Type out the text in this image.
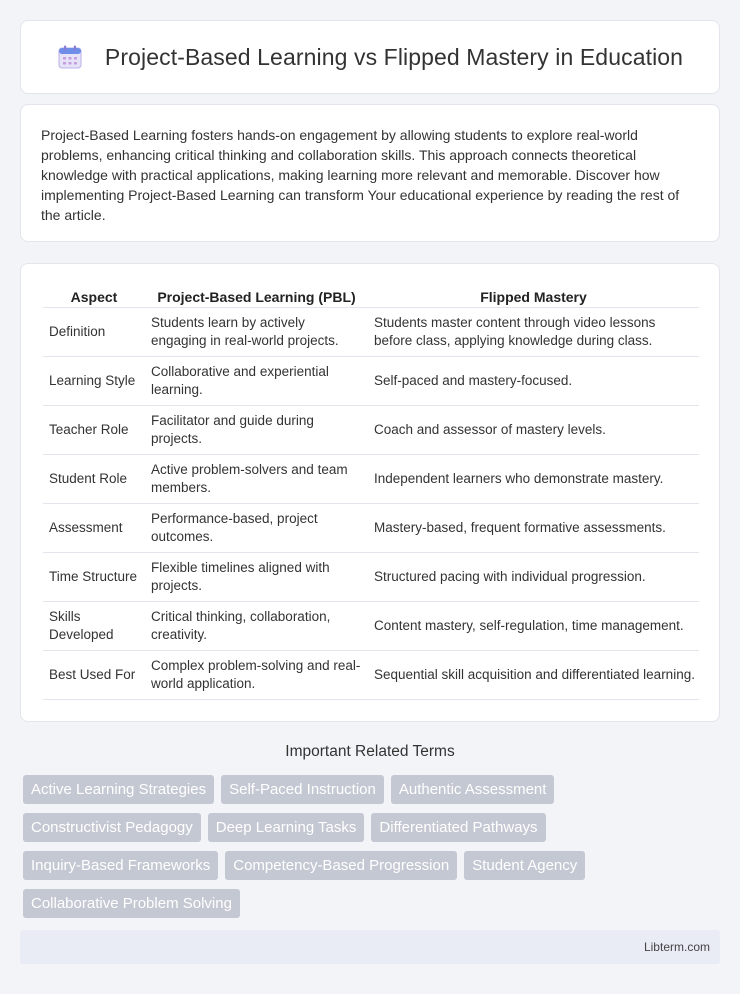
Project-Based Learning vs Flipped Mastery in Education

Project-Based Learning fosters hands-on engagement by allowing students to explore real-world problems, enhancing critical thinking and collaboration skills. This approach connects theoretical knowledge with practical applications, making learning more relevant and memorable. Discover how implementing Project-Based Learning can transform Your educational experience by reading the rest of the article.

Aspect	Project-Based Learning (PBL)	Flipped Mastery
Definition	Students learn by actively engaging in real-world projects.	Students master content through video lessons before class, applying knowledge during class.
Learning Style	Collaborative and experiential learning.	Self-paced and mastery-focused.
Teacher Role	Facilitator and guide during projects.	Coach and assessor of mastery levels.
Student Role	Active problem-solvers and team members.	Independent learners who demonstrate mastery.
Assessment	Performance-based, project outcomes.	Mastery-based, frequent formative assessments.
Time Structure	Flexible timelines aligned with projects.	Structured pacing with individual progression.
Skills Developed	Critical thinking, collaboration, creativity.	Content mastery, self-regulation, time management.
Best Used For	Complex problem-solving and real-world application.	Sequential skill acquisition and differentiated learning.
Important Related Terms
Active Learning Strategies	Self-Paced Instruction	Authentic Assessment
Constructivist Pedagogy	Deep Learning Tasks	Differentiated Pathways
Inquiry-Based Frameworks	Competency-Based Progression	Student Agency
Collaborative Problem Solving
Libterm.com
